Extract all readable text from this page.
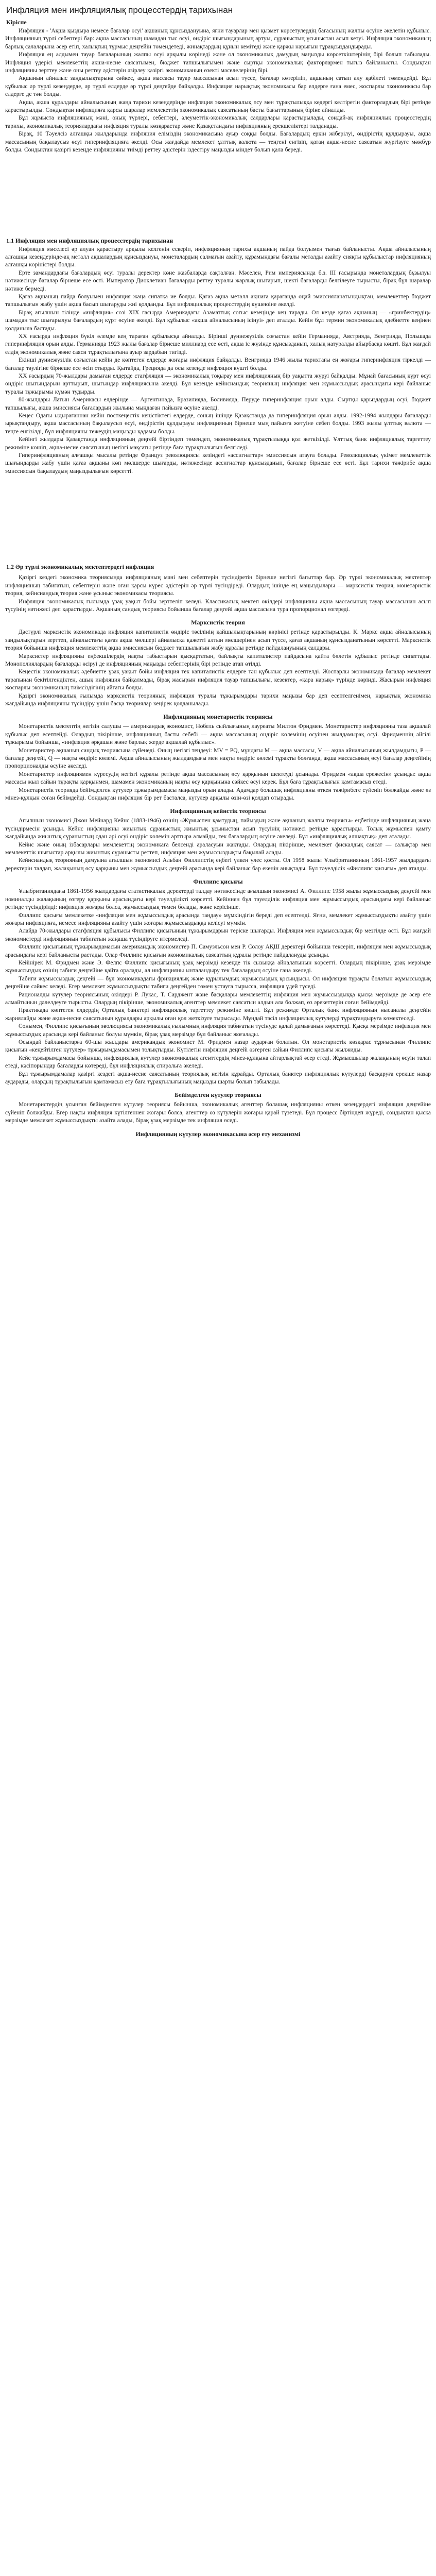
Инфляция мен инфляциялық процесстердің тарихынан
Кіріспе

Инфляция - 'Ақша қыздыра немесе бағалар өсуі' ақшаның құнсыздануына, яғни тауарлар мен қызмет көрсетулердің бағасының жалпы өсуіне әкелетін құбылыс. Инфляцияның түрлі себептері бар: ақша массасының шамадан тыс өсуі, өндіріс шығындарының артуы, сұраныстың ұсыныстан асып кетуі. Инфляция экономиканың барлық салаларына әсер етіп, халықтың тұрмыс деңгейін төмендетеді, жинақтардың құнын кемітеді және қаржы нарығын тұрақсыздандырады.

Инфляция ең алдымен тауар бағаларының жалпы өсуі арқылы көрінеді және ол экономикалық дамудың маңызды көрсеткіштерінің бірі болып табылады. Инфляция үдерісі мемлекеттің ақша-несие саясатымен, бюджет тапшылығымен және сыртқы экономикалық факторлармен тығыз байланысты. Сондықтан инфляцияны зерттеу және оны реттеу әдістерін әзірлеу қазіргі экономиканың өзекті мәселелерінің бірі.

Ақшаның айналыс заңдылықтарына сәйкес, ақша массасы тауар массасынан асып түссе, бағалар көтеріліп, ақшаның сатып алу қабілеті төмендейді. Бұл құбылыс әр түрлі кезеңдерде, әр түрлі елдерде әр түрлі деңгейде байқалды. Инфляция нарықтық экономикасы бар елдерге ғана емес, жоспарлы экономикасы бар елдерге де тән болды.

Ақша, ақша құралдары айналысының жаңа тарихи кезеңдерінде инфляция экономикалық өсу мен тұрақтылыққа кедергі келтіретін факторлардың бірі ретінде қарастырылды. Сондықтан инфляцияға қарсы шаралар мемлекеттің экономикалық саясатының басты бағыттарының біріне айналды.

Бұл жұмыста инфляцияның мәні, оның түрлері, себептері, әлеуметтік-экономикалық салдарлары қарастырылады, сондай-ақ инфляциялық процесстердің тарихы, экономикалық теориялардағы инфляция туралы көзқарастар және Қазақстандағы инфляцияның ерекшеліктері талданады.

Бірақ, 10 Тәуелсіз алғашқы жылдарында инфляция еліміздің экономикасына ауыр соққы болды. Бағалардың еркін жіберілуі, өндірістің құлдырауы, ақша массасының бақылаусыз өсуі гиперинфляцияға әкелді. Осы жағдайда мемлекет ұлттық валюта — теңгені енгізіп, қатаң ақша-несие саясатын жүргізуге мәжбүр болды. Сондықтан қазіргі кезеңде инфляцияны тиімді реттеу әдістерін іздестіру маңызды міндет болып қала береді.

1.1 Инфляция мен инфляциялық процесстердің тарихынан

Инфляция мәселесі әр алуан қарастыру арқылы келгенін ескеріп, инфляцияның тарихы ақшаның пайда болуымен тығыз байланысты. Ақша айналысының алғашқы кезеңдерінде-ақ металл ақшалардың құнсыздануы, монеталардың салмағын азайту, құрамындағы бағалы металды азайту сияқты құбылыстар инфляцияның алғашқы көріністері болды.

Ерте замандардағы бағалардың өсуі туралы деректер көне жазбаларда сақталған. Мәселен, Рим империясында б.з. III ғасырында монеталардың бұзылуы нәтижесінде бағалар бірнеше есе өсті. Император Диоклетиан бағаларды реттеу туралы жарлық шығарып, шекті бағаларды белгілеуге тырысты, бірақ бұл шаралар нәтиже бермеді.

Қағаз ақшаның пайда болуымен инфляция жаңа сипатқа ие болды. Қағаз ақша металл ақшаға қарағанда оңай эмиссияланатындықтан, мемлекеттер бюджет тапшылығын жабу үшін ақша басып шығаруды жиі қолданды. Бұл инфляциялық процесстердің күшеюіне әкелді.

Бірақ ағылшын тілінде «инфляция» сөзі XIX ғасырда Америкадағы Азаматтық соғыс кезеңінде кең тарады. Ол кезде қағаз ақшаның — «гринбектердің» шамадан тыс шығарылуы бағалардың күрт өсуіне әкелді. Бұл құбылыс «ақша айналысының ісінуі» деп аталды. Кейін бұл термин экономикалық әдебиетте кеңінен қолданыла бастады.

XX ғасырда инфляция бүкіл әлемде кең тараған құбылысқа айналды. Бірінші дүниежүзілік соғыстан кейін Германияда, Австрияда, Венгрияда, Польшада гиперинфляция орын алды. Германияда 1923 жылы бағалар бірнеше миллиард есе өсті, ақша іс жүзінде құнсызданып, халық натуралды айырбасқа көшті. Бұл жағдай елдің экономикалық және саяси тұрақтылығына ауыр зардабын тигізді.

Екінші дүниежүзілік соғыстан кейін де көптеген елдерде жоғары инфляция байқалды. Венгрияда 1946 жылы тарихтағы ең жоғары гиперинфляция тіркелді — бағалар тәулігіне бірнеше есе өсіп отырды. Қытайда, Грецияда да осы кезеңде инфляция күшті болды.

XX ғасырдың 70-жылдары дамыған елдерде стагфляция — экономикалық тоқырау мен инфляцияның бір уақытта жүруі байқалды. Мұнай бағасының күрт өсуі өндіріс шығындарын арттырып, шығындар инфляциясына әкелді. Бұл кезеңде кейнсиандық теорияның инфляция мен жұмыссыздық арасындағы кері байланыс туралы тұжырымы күмән тудырды.

80-жылдары Латын Америкасы елдерінде — Аргентинада, Бразилияда, Боливияда, Перуде гиперинфляция орын алды. Сыртқы қарыздардың өсуі, бюджет тапшылығы, ақша эмиссиясы бағалардың жылына мыңдаған пайызға өсуіне әкелді.

Кеңес Одағы ыдырағаннан кейін посткеңестік кеңістіктегі елдерде, соның ішінде Қазақстанда да гиперинфляция орын алды. 1992-1994 жылдары бағаларды ырықтандыру, ақша массасының бақылаусыз өсуі, өндірістің құлдырауы инфляцияның бірнеше мың пайызға жетуіне себеп болды. 1993 жылы ұлттық валюта — теңге енгізілді, бұл инфляцияны тежеудің маңызды қадамы болды.

Кейінгі жылдары Қазақстанда инфляцияның деңгейі біртіндеп төмендеп, экономикалық тұрақтылыққа қол жеткізілді. Ұлттық банк инфляциялық таргеттеу режиміне көшіп, ақша-несие саясатының негізгі мақсаты ретінде баға тұрақтылығын белгіледі.

Гиперинфляцияның алғашқы мысалы ретінде Француз революциясы кезіндегі «ассигнаттар» эмиссиясын атауға болады. Революциялық үкімет мемлекеттік шығындарды жабу үшін қағаз ақшаны көп мөлшерде шығарды, нәтижесінде ассигнаттар құнсызданып, бағалар бірнеше есе өсті. Бұл тарихи тәжірибе ақша эмиссиясын бақылаудың маңыздылығын көрсетті.

1.2 Әр түрлі экономикалық мектептердегі инфляция

Қазіргі кездегі экономика теориясында инфляцияның мәні мен себептерін түсіндіретін бірнеше негізгі бағыттар бар. Әр түрлі экономикалық мектептер инфляцияның табиғатын, себептерін және оған қарсы күрес әдістерін әр түрлі түсіндіреді. Олардың ішінде ең маңыздылары — марксистік теория, монетаристік теория, кейнсиандық теория және ұсыныс экономикасы теориясы.

Инфляция экономикалық ғылымда ұзақ уақыт бойы зерттеліп келеді. Классикалық мектеп өкілдері инфляцияны ақша массасының тауар массасынан асып түсуінің нәтижесі деп қарастырды. Ақшаның сандық теориясы бойынша бағалар деңгейі ақша массасына тура пропорционал өзгереді.

Марксистік теория

Дәстүрлі марксистік экономикада инфляция капиталистік өндіріс тәсілінің қайшылықтарының көрінісі ретінде қарастырылды. К. Маркс ақша айналысының заңдылықтарын зерттеп, айналыстағы қағаз ақша мөлшері айналысқа қажетті алтын мөлшерінен асып түссе, қағаз ақшаның құнсызданатынын көрсетті. Марксистік теория бойынша инфляция мемлекеттің ақша эмиссиясын бюджет тапшылығын жабу құралы ретінде пайдалануының салдары.

Марксистер инфляцияны еңбекшілердің нақты табыстарын қысқартатын, байлықты капиталистер пайдасына қайта бөлетін құбылыс ретінде сипаттады. Монополиялардың бағаларды өсіруі де инфляцияның маңызды себептерінің бірі ретінде атап өтілді.

Кеңестік экономикалық әдебиетте ұзақ уақыт бойы инфляция тек капиталистік елдерге тән құбылыс деп есептелді. Жоспарлы экономикада бағалар мемлекет тарапынан бекітілгендіктен, ашық инфляция байқалмады, бірақ жасырын инфляция тауар тапшылығы, кезектер, «қара нарық» түрінде көрінді. Жасырын инфляция жоспарлы экономиканың тиімсіздігінің айғағы болды.

Қазіргі экономикалық ғылымда марксистік теорияның инфляция туралы тұжырымдары тарихи маңызы бар деп есептелгенімен, нарықтық экономика жағдайында инфляцияны түсіндіру үшін басқа теориялар кеңірек қолданылады.

Инфляцияның монетаристік теориясы

Монетаристік мектептің негізін салушы — американдық экономист, Нобель сыйлығының лауреаты Милтон Фридмен. Монетаристер инфляцияны таза ақшалай құбылыс деп есептейді. Олардың пікірінше, инфляцияның басты себебі — ақша массасының өндіріс көлемінің өсуінен жылдамырақ өсуі. Фридменнің әйгілі тұжырымы бойынша, «инфляция әрқашан және барлық жерде ақшалай құбылыс».

Монетаристер ақшаның сандық теориясына сүйенеді. Оның негізгі теңдеуі: MV = PQ, мұндағы M — ақша массасы, V — ақша айналысының жылдамдығы, P — бағалар деңгейі, Q — нақты өндіріс көлемі. Ақша айналысының жылдамдығы мен нақты өндіріс көлемі тұрақты болғанда, ақша массасының өсуі бағалар деңгейінің пропорционалды өсуіне әкеледі.

Монетаристер инфляциямен күресудің негізгі құралы ретінде ақша массасының өсу қарқынын шектеуді ұсынады. Фридмен «ақша ережесін» ұсынды: ақша массасы жыл сайын тұрақты қарқынмен, шамамен экономиканың нақты өсу қарқынына сәйкес өсуі керек. Бұл баға тұрақтылығын қамтамасыз етеді.

Монетаристік теорияда бейімделген күтулер тұжырымдамасы маңызды орын алады. Адамдар болашақ инфляцияны өткен тәжірибеге сүйеніп болжайды және өз мінез-құлқын соған бейімдейді. Сондықтан инфляция бір рет басталса, күтулер арқылы өзін-өзі қолдап отырады.

Инфляцияның кейнстік теориясы

Ағылшын экономисі Джон Мейнард Кейнс (1883-1946) өзінің «Жұмыспен қамтудың, пайыздың және ақшаның жалпы теориясы» еңбегінде инфляцияның жаңа түсіндірмесін ұсынды. Кейнс инфляцияны жиынтық сұраныстың жиынтық ұсыныстан асып түсуінің нәтижесі ретінде қарастырды. Толық жұмыспен қамту жағдайында жиынтық сұраныстың одан әрі өсуі өндіріс көлемін арттыра алмайды, тек бағалардың өсуіне әкеледі. Бұл «инфляциялық алшақтық» деп аталады.

Кейнс және оның ізбасарлары мемлекеттің экономикаға белсенді араласуын жақтады. Олардың пікірінше, мемлекет фискалдық саясат — салықтар мен мемлекеттік шығыстар арқылы жиынтық сұранысты реттеп, инфляция мен жұмыссыздықты бақылай алады.

Кейнсиандық теорияның дамуына ағылшын экономисі Альбан Филлипстің еңбегі үлкен үлес қосты. Ол 1958 жылы Ұлыбританияның 1861-1957 жылдардағы деректерін талдап, жалақының өсу қарқыны мен жұмыссыздық деңгейі арасында кері байланыс бар екенін анықтады. Бұл тәуелділік «Филлипс қисығы» деп аталды.

Филлипс қисығы

Ұлыбританиядағы 1861-1956 жылдардағы статистикалық деректерді талдау нәтижесінде ағылшын экономисі А. Филлипс 1958 жылы жұмыссыздық деңгейі мен номиналды жалақының өзгеру қарқыны арасындағы кері тәуелділікті көрсетті. Кейіннен бұл тәуелділік инфляция мен жұмыссыздық арасындағы кері байланыс ретінде түсіндірілді: инфляция жоғары болса, жұмыссыздық төмен болады, және керісінше.

Филлипс қисығы мемлекетке «инфляция мен жұмыссыздық арасында таңдау» мүмкіндігін береді деп есептелді. Яғни, мемлекет жұмыссыздықты азайту үшін жоғары инфляцияға, немесе инфляцияны азайту үшін жоғары жұмыссыздыққа келісуі мүмкін.

Алайда 70-жылдары стагфляция құбылысы Филлипс қисығының тұжырымдарын теріске шығарды. Инфляция мен жұмыссыздық бір мезгілде өсті. Бұл жағдай экономистерді инфляцияның табиғатын жаңаша түсіндіруге итермеледі.

Филлипс қисығының тұжырымдамасын американдық экономистер П. Самуэльсон мен Р. Солоу АҚШ деректері бойынша тексеріп, инфляция мен жұмыссыздық арасындағы кері байланысты растады. Олар Филлипс қисығын экономикалық саясаттың құралы ретінде пайдалануды ұсынды.

Кейінірек М. Фридмен және Э. Фелпс Филлипс қисығының ұзақ мерзімді кезеңде тік сызыққа айналатынын көрсетті. Олардың пікірінше, ұзақ мерзімде жұмыссыздық өзінің табиғи деңгейіне қайта оралады, ал инфляцияны ынталандыру тек бағалардың өсуіне ғана әкеледі.

Табиғи жұмыссыздық деңгейі — бұл экономикадағы фрикциялық және құрылымдық жұмыссыздық қосындысы. Ол инфляция тұрақты болатын жұмыссыздық деңгейіне сәйкес келеді. Егер мемлекет жұмыссыздықты табиғи деңгейден төмен ұстауға тырысса, инфляция үдей түседі.

Рационалды күтулер теориясының өкілдері Р. Лукас, Т. Сарджент және басқалары мемлекеттің инфляция мен жұмыссыздыққа қысқа мерзімде де әсер ете алмайтынын дәлелдеуге тырысты. Олардың пікірінше, экономикалық агенттер мемлекет саясатын алдын ала болжап, өз әрекеттерін соған бейімдейді.

Практикада көптеген елдердің Орталық банктері инфляциялық таргеттеу режиміне көшті. Бұл режимде Орталық банк инфляцияның нысаналы деңгейін жариялайды және ақша-несие саясатының құралдары арқылы оған қол жеткізуге тырысады. Мұндай тәсіл инфляциялық күтулерді тұрақтандыруға көмектеседі.

Сонымен, Филлипс қисығының эволюциясы экономикалық ғылымның инфляция табиғатын түсінуде қалай дамығанын көрсетеді. Қысқа мерзімде инфляция мен жұмыссыздық арасында кері байланыс болуы мүмкін, бірақ ұзақ мерзімде бұл байланыс жоғалады.

Осындай байланыстарға 60-шы жылдары американдық экономист М. Фридмен назар аударған болатын. Ол монетаристік көзқарас тұрғысынан Филлипс қисығын «кеңейтілген күтулер» тұжырымдамасымен толықтырды. Күтілетін инфляция деңгейі өзгерген сайын Филлипс қисығы жылжиды.

Кейс тұжырымдамасы бойынша, инфляциялық күтулер экономикалық агенттердің мінез-құлқына айтарлықтай әсер етеді. Жұмысшылар жалақының өсуін талап етеді, кәсіпорындар бағаларды көтереді, бұл инфляциялық спиральға әкеледі.

Бұл тұжырымдамалар қазіргі кездегі ақша-несие саясатының теориялық негізін құрайды. Орталық банктер инфляциялық күтулерді басқаруға ерекше назар аударады, олардың тұрақтылығын қамтамасыз ету баға тұрақтылығының маңызды шарты болып табылады.

Бейімделген күтулер теориясы

Монетаристердің ұсынған бейімделген күтулер теориясы бойынша, экономикалық агенттер болашақ инфляцияны өткен кезеңдердегі инфляция деңгейіне сүйеніп болжайды. Егер нақты инфляция күтілгеннен жоғары болса, агенттер өз күтулерін жоғары қарай түзетеді. Бұл процесс біртіндеп жүреді, сондықтан қысқа мерзімде мемлекет жұмыссыздықты азайта алады, бірақ ұзақ мерзімде тек инфляция өседі.

Инфляцияның күтулер экономикасына әсер ету механизмі
